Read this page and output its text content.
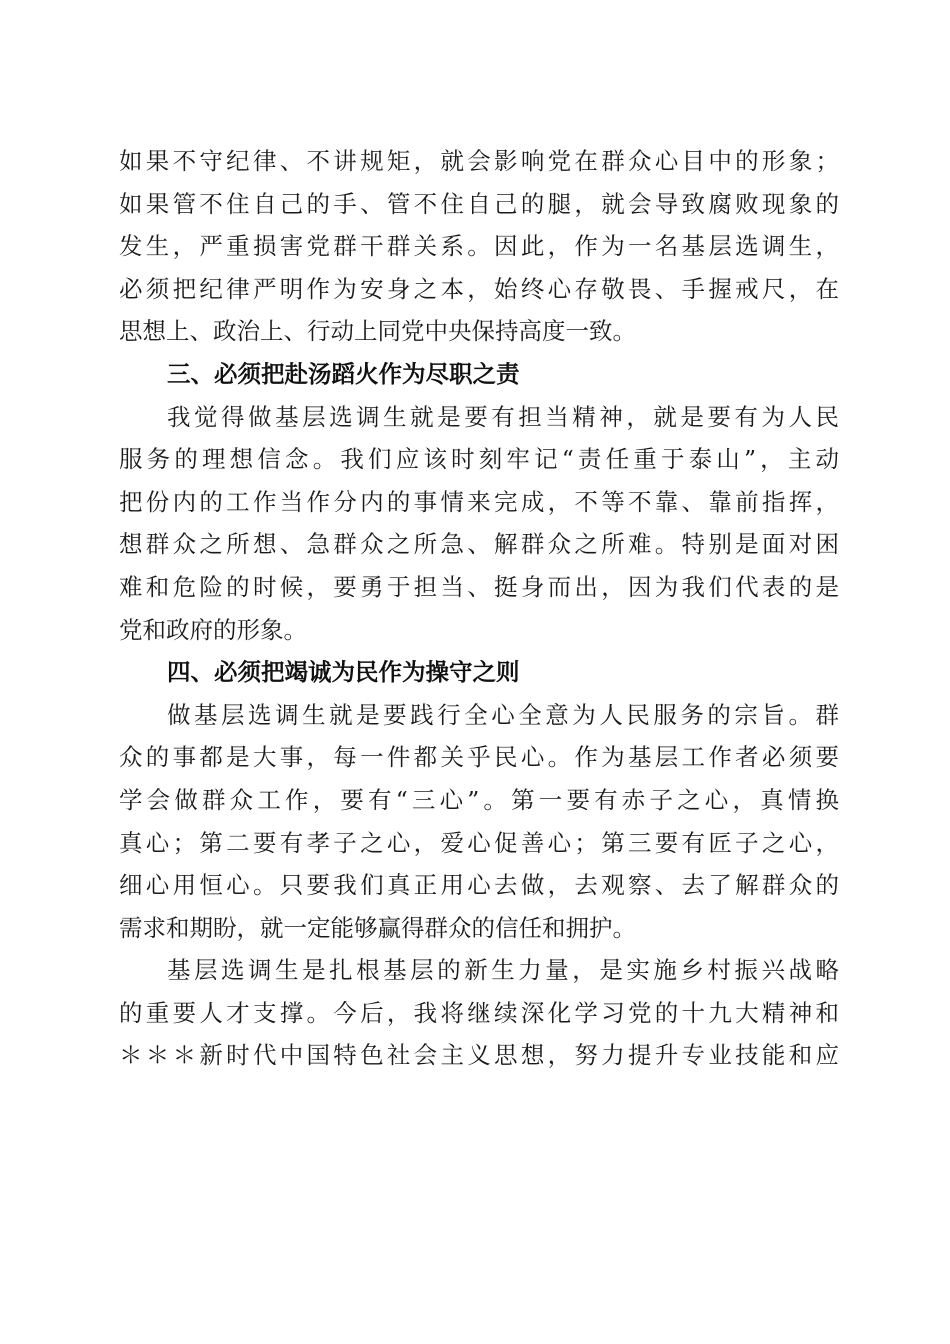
如果不守纪律、不讲规矩，就会影响党在群众心目中的形象；
如果管不住自己的手、管不住自己的腿，就会导致腐败现象的
发生，严重损害党群干群关系。因此，作为一名基层选调生，
必须把纪律严明作为安身之本，始终心存敬畏、手握戒尺，在
思想上、政治上、行动上同党中央保持高度一致。
三、必须把赴汤蹈火作为尽职之责
我觉得做基层选调生就是要有担当精神，就是要有为人民
服务的理想信念。我们应该时刻牢记“责任重于泰山”，主动
把份内的工作当作分内的事情来完成，不等不靠、靠前指挥，
想群众之所想、急群众之所急、解群众之所难。特别是面对困
难和危险的时候，要勇于担当、挺身而出，因为我们代表的是
党和政府的形象。
四、必须把竭诚为民作为操守之则
做基层选调生就是要践行全心全意为人民服务的宗旨。群
众的事都是大事，每一件都关乎民心。作为基层工作者必须要
学会做群众工作，要有“三心”。第一要有赤子之心，真情换
真心；第二要有孝子之心，爱心促善心；第三要有匠子之心，
细心用恒心。只要我们真正用心去做，去观察、去了解群众的
需求和期盼，就一定能够赢得群众的信任和拥护。
基层选调生是扎根基层的新生力量，是实施乡村振兴战略
的重要人才支撑。今后，我将继续深化学习党的十九大精神和
＊＊＊新时代中国特色社会主义思想，努力提升专业技能和应
